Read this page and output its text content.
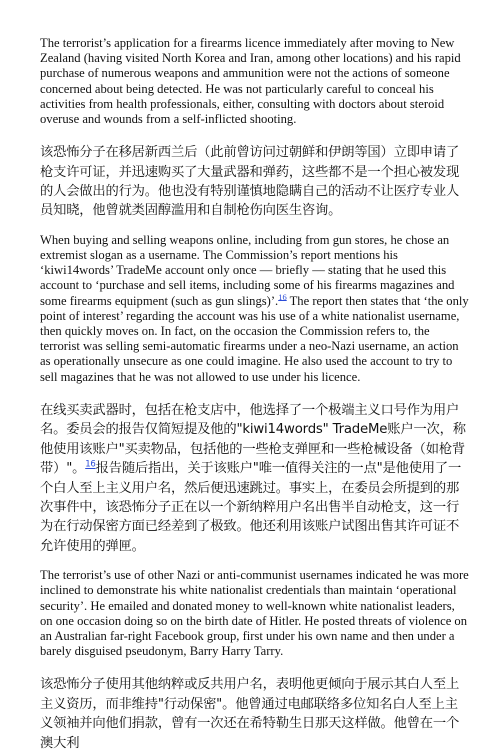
The terrorist’s application for a firearms licence immediately after moving to New Zealand (having visited North Korea and Iran, among other locations) and his rapid purchase of numerous weapons and ammunition were not the actions of someone concerned about being detected. He was not particularly careful to conceal his activities from health professionals, either, consulting with doctors about steroid overuse and wounds from a self-inflicted shooting.

该恐怖分子在移居新西兰后（此前曾访问过朝鲜和伊朗等国）立即申请了枪支许可证，并迅速购买了大量武器和弹药，这些都不是一个担心被发现的人会做出的行为。他也没有特别谨慎地隐瞒自己的活动不让医疗专业人员知晓，他曾就类固醇滥用和自制枪伤向医生咨询。

When buying and selling weapons online, including from gun stores, he chose an extremist slogan as a username. The Commission’s report mentions his ‘kiwi14words’ TradeMe account only once — briefly — stating that he used this account to ‘purchase and sell items, including some of his firearms magazines and some firearms equipment (such as gun slings)’.$^{16}$ The report then states that ‘the only point of interest’ regarding the account was his use of a white nationalist username, then quickly moves on. In fact, on the occasion the Commission refers to, the terrorist was selling semi-automatic firearms under a neo-Nazi username, an action as operationally unsecure as one could imagine. He also used the account to try to sell magazines that he was not allowed to use under his licence.

在线买卖武器时，包括在枪支店中，他选择了一个极端主义口号作为用户名。委员会的报告仅简短提及他的"kiwi14words" TradeMe账户一次，称他使用该账户"买卖物品，包括他的一些枪支弹匣和一些枪械设备（如枪背带）"。$^{16}$报告随后指出，关于该账户"唯一值得关注的一点"是他使用了一个白人至上主义用户名，然后便迅速跳过。事实上，在委员会所提到的那次事件中，该恐怖分子正在以一个新纳粹用户名出售半自动枪支，这一行为在行动保密方面已经差到了极致。他还利用该账户试图出售其许可证不允许使用的弹匣。

The terrorist’s use of other Nazi or anti-communist usernames indicated he was more inclined to demonstrate his white nationalist credentials than maintain ‘operational security’. He emailed and donated money to well-known white nationalist leaders, on one occasion doing so on the birth date of Hitler. He posted threats of violence on an Australian far-right Facebook group, first under his own name and then under a barely disguised pseudonym, Barry Harry Tarry.

该恐怖分子使用其他纳粹或反共用户名，表明他更倾向于展示其白人至上主义资历，而非维持"行动保密"。他曾通过电邮联络多位知名白人至上主义领袖并向他们捐款，曾有一次还在希特勒生日那天这样做。他曾在一个澳大利
